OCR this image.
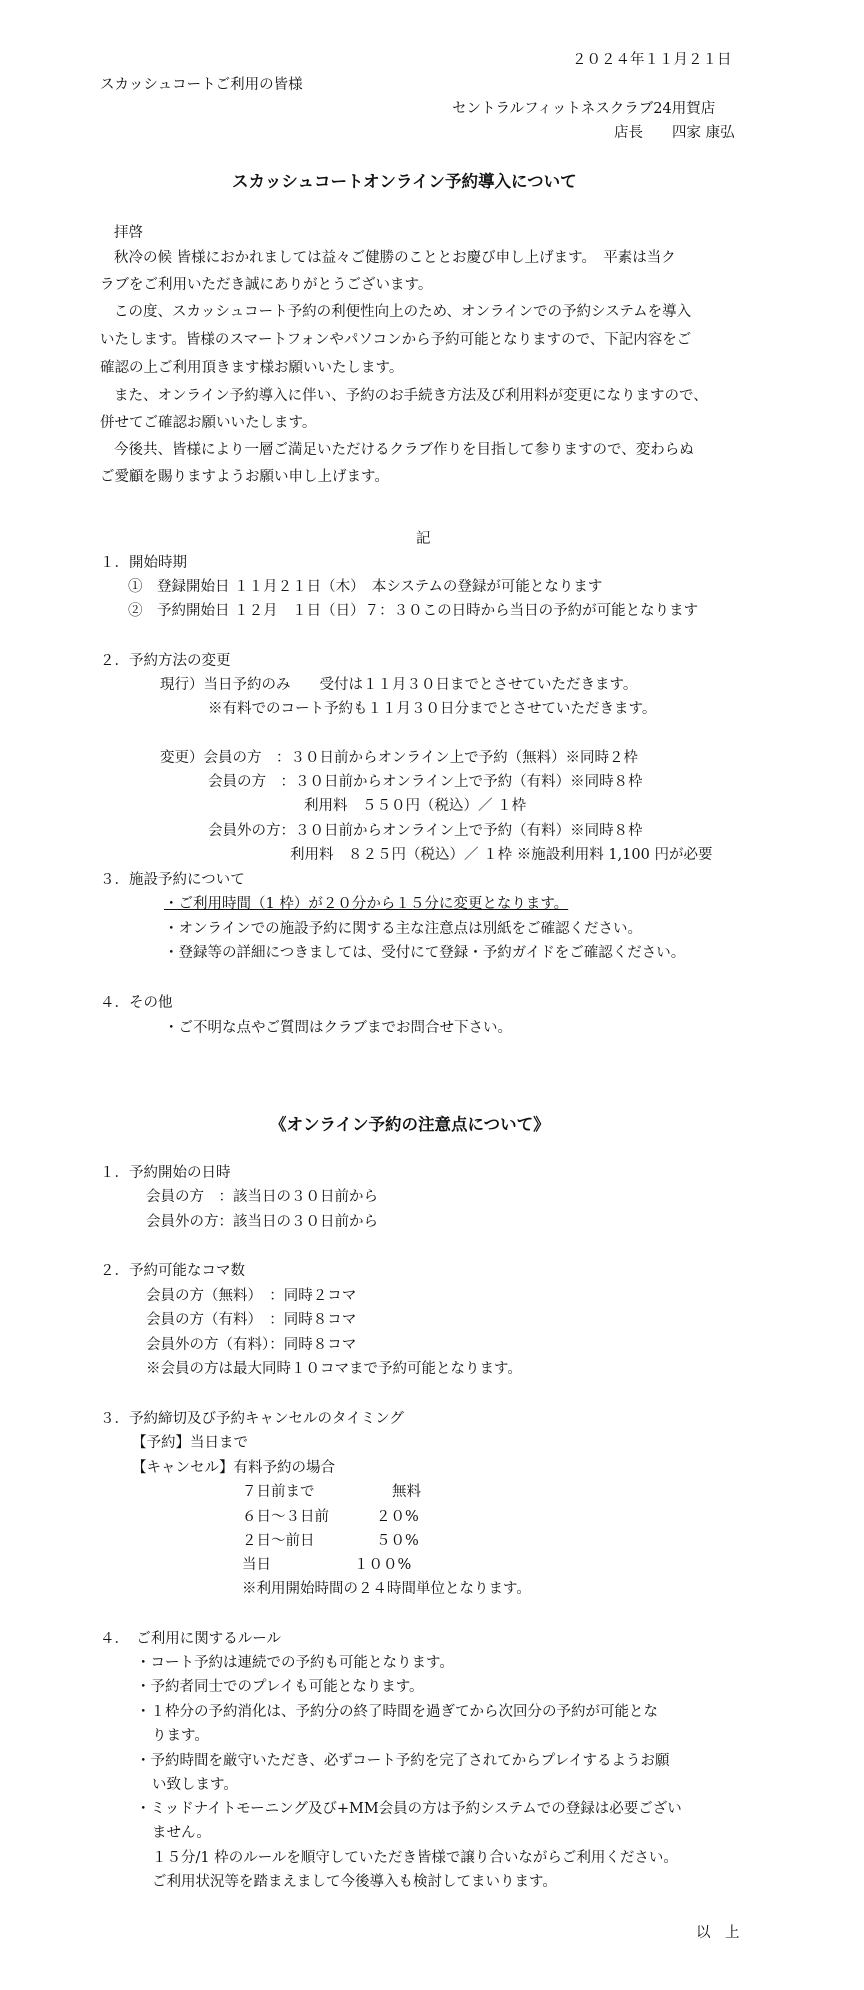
２０２４年１１月２１日
スカッシュコートご利用の皆様
セントラルフィットネスクラブ24用賀店
店長　　四家 康弘
スカッシュコートオンライン予約導入について
拝啓
秋冷の候 皆様におかれましては益々ご健勝のこととお慶び申し上げます。　平素は当ク
ラブをご利用いただき誠にありがとうございます。
この度、スカッシュコート予約の利便性向上のため、オンラインでの予約システムを導入
いたします。皆様のスマートフォンやパソコンから予約可能となりますので、下記内容をご
確認の上ご利用頂きます様お願いいたします。
また、オンライン予約導入に伴い、予約のお手続き方法及び利用料が変更になりますので、
併せてご確認お願いいたします。
今後共、皆様により一層ご満足いただけるクラブ作りを目指して参りますので、変わらぬ
ご愛顧を賜りますようお願い申し上げます。
記
１．開始時期
①　登録開始日 １１月２１日（木）　本システムの登録が可能となります
②　予約開始日 １２月　１日（日）７：３０この日時から当日の予約が可能となります
２．予約方法の変更
現行）当日予約のみ　　受付は１１月３０日までとさせていただきます。
※有料でのコート予約も１１月３０日分までとさせていただきます。
変更）会員の方　：３０日前からオンライン上で予約（無料）※同時２枠
会員の方　：３０日前からオンライン上で予約（有料）※同時８枠
利用料　５５０円（税込）／ １枠
会員外の方：３０日前からオンライン上で予約（有料）※同時８枠
利用料　８２５円（税込）／ １枠 ※施設利用料 1,100 円が必要
３．施設予約について
・ご利用時間（1 枠）が２０分から１５分に変更となります。
・オンラインでの施設予約に関する主な注意点は別紙をご確認ください。
・登録等の詳細につきましては、受付にて登録・予約ガイドをご確認ください。
４．その他
・ご不明な点やご質問はクラブまでお問合せ下さい。
《オンライン予約の注意点について》
１．予約開始の日時
会員の方　：該当日の３０日前から
会員外の方：該当日の３０日前から
２．予約可能なコマ数
会員の方（無料）　：同時２コマ
会員の方（有料）　：同時８コマ
会員外の方（有料）：同時８コマ
※会員の方は最大同時１０コマまで予約可能となります。
３．予約締切及び予約キャンセルのタイミング
【予約】当日まで
【キャンセル】有料予約の場合
７日前まで	無料
６日～３日前	２０%
２日～前日	５０%
当日	１００%
※利用開始時間の２４時間単位となります。
４．　ご利用に関するルール
・コート予約は連続での予約も可能となります。
・予約者同士でのプレイも可能となります。
・１枠分の予約消化は、予約分の終了時間を過ぎてから次回分の予約が可能とな
ります。
・予約時間を厳守いただき、必ずコート予約を完了されてからプレイするようお願
い致します。
・ミッドナイトモーニング及び+MM会員の方は予約システムでの登録は必要ござい
ません。
１５分/1 枠のルールを順守していただき皆様で譲り合いながらご利用ください。
ご利用状況等を踏まえまして今後導入も検討してまいります。
以　上
